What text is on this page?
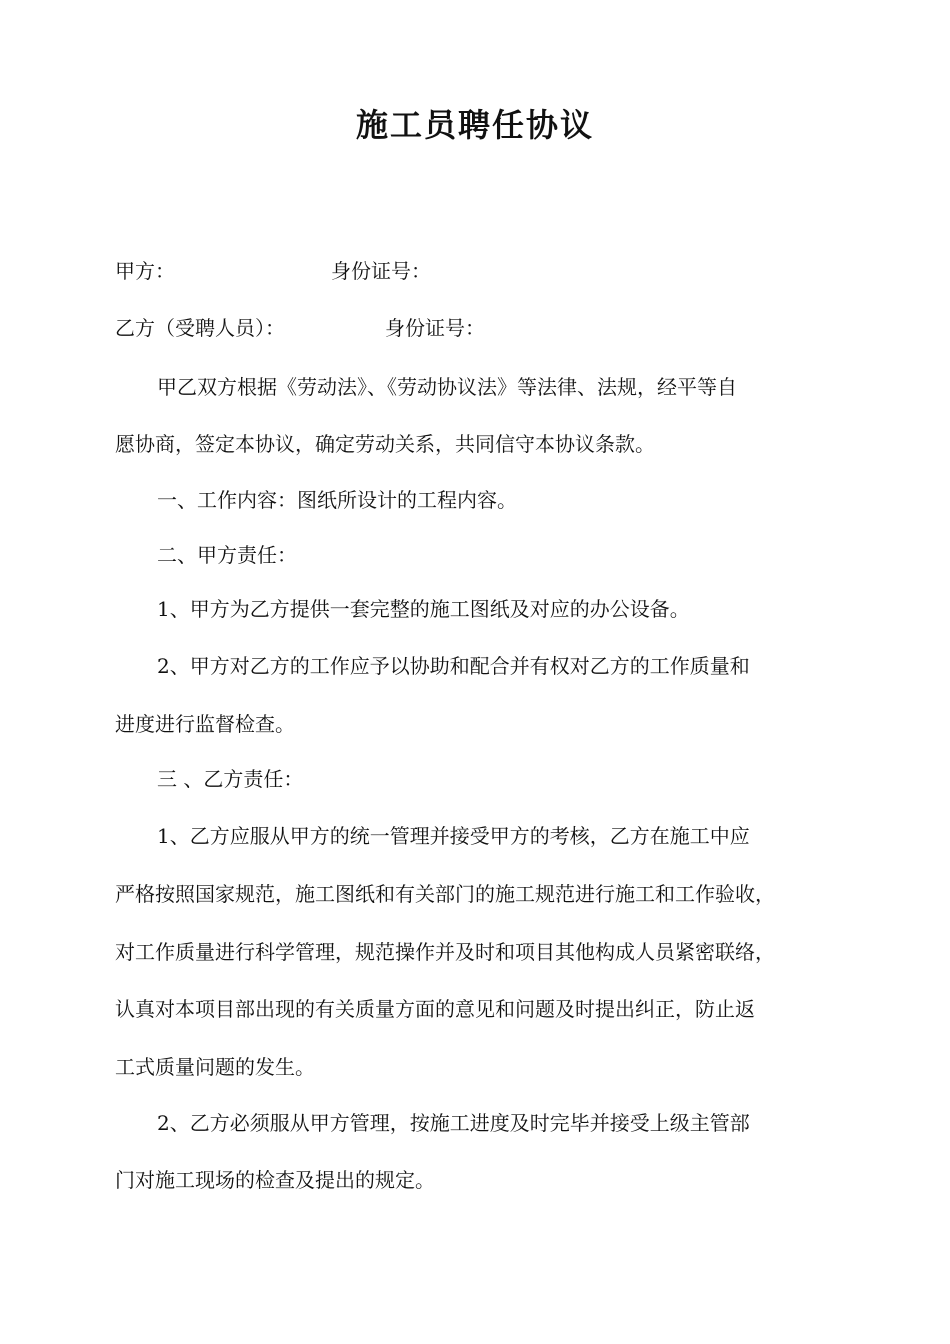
施工员聘任协议
甲方：	身份证号：
乙方（受聘人员）：	身份证号：
甲乙双方根据《劳动法》、《劳动协议法》等法律、法规，经平等自
愿协商，签定本协议，确定劳动关系，共同信守本协议条款。
一、工作内容：图纸所设计的工程内容。
二、甲方责任：
1、甲方为乙方提供一套完整的施工图纸及对应的办公设备。
2、甲方对乙方的工作应予以协助和配合并有权对乙方的工作质量和
进度进行监督检查。
三 、乙方责任：
1、乙方应服从甲方的统一管理并接受甲方的考核，乙方在施工中应
严格按照国家规范，施工图纸和有关部门的施工规范进行施工和工作验收，
对工作质量进行科学管理，规范操作并及时和项目其他构成人员紧密联络，
认真对本项目部出现的有关质量方面的意见和问题及时提出纠正，防止返
工式质量问题的发生。
2、乙方必须服从甲方管理，按施工进度及时完毕并接受上级主管部
门对施工现场的检查及提出的规定。
